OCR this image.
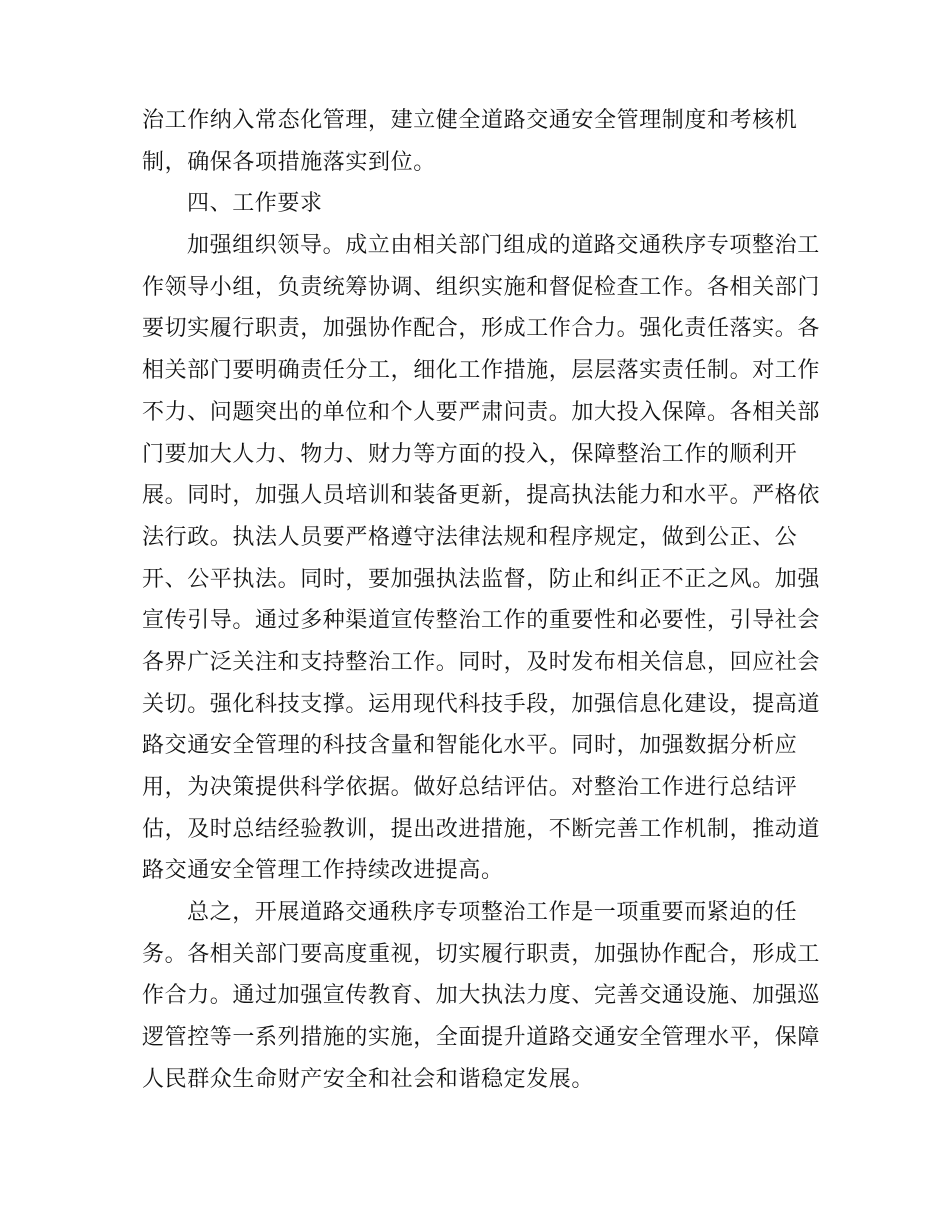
治工作纳入常态化管理，建立健全道路交通安全管理制度和考核机
制，确保各项措施落实到位。
四、工作要求
加强组织领导。成立由相关部门组成的道路交通秩序专项整治工
作领导小组，负责统筹协调、组织实施和督促检查工作。各相关部门
要切实履行职责，加强协作配合，形成工作合力。强化责任落实。各
相关部门要明确责任分工，细化工作措施，层层落实责任制。对工作
不力、问题突出的单位和个人要严肃问责。加大投入保障。各相关部
门要加大人力、物力、财力等方面的投入，保障整治工作的顺利开
展。同时，加强人员培训和装备更新，提高执法能力和水平。严格依
法行政。执法人员要严格遵守法律法规和程序规定，做到公正、公
开、公平执法。同时，要加强执法监督，防止和纠正不正之风。加强
宣传引导。通过多种渠道宣传整治工作的重要性和必要性，引导社会
各界广泛关注和支持整治工作。同时，及时发布相关信息，回应社会
关切。强化科技支撑。运用现代科技手段，加强信息化建设，提高道
路交通安全管理的科技含量和智能化水平。同时，加强数据分析应
用，为决策提供科学依据。做好总结评估。对整治工作进行总结评
估，及时总结经验教训，提出改进措施，不断完善工作机制，推动道
路交通安全管理工作持续改进提高。
总之，开展道路交通秩序专项整治工作是一项重要而紧迫的任
务。各相关部门要高度重视，切实履行职责，加强协作配合，形成工
作合力。通过加强宣传教育、加大执法力度、完善交通设施、加强巡
逻管控等一系列措施的实施，全面提升道路交通安全管理水平，保障
人民群众生命财产安全和社会和谐稳定发展。
